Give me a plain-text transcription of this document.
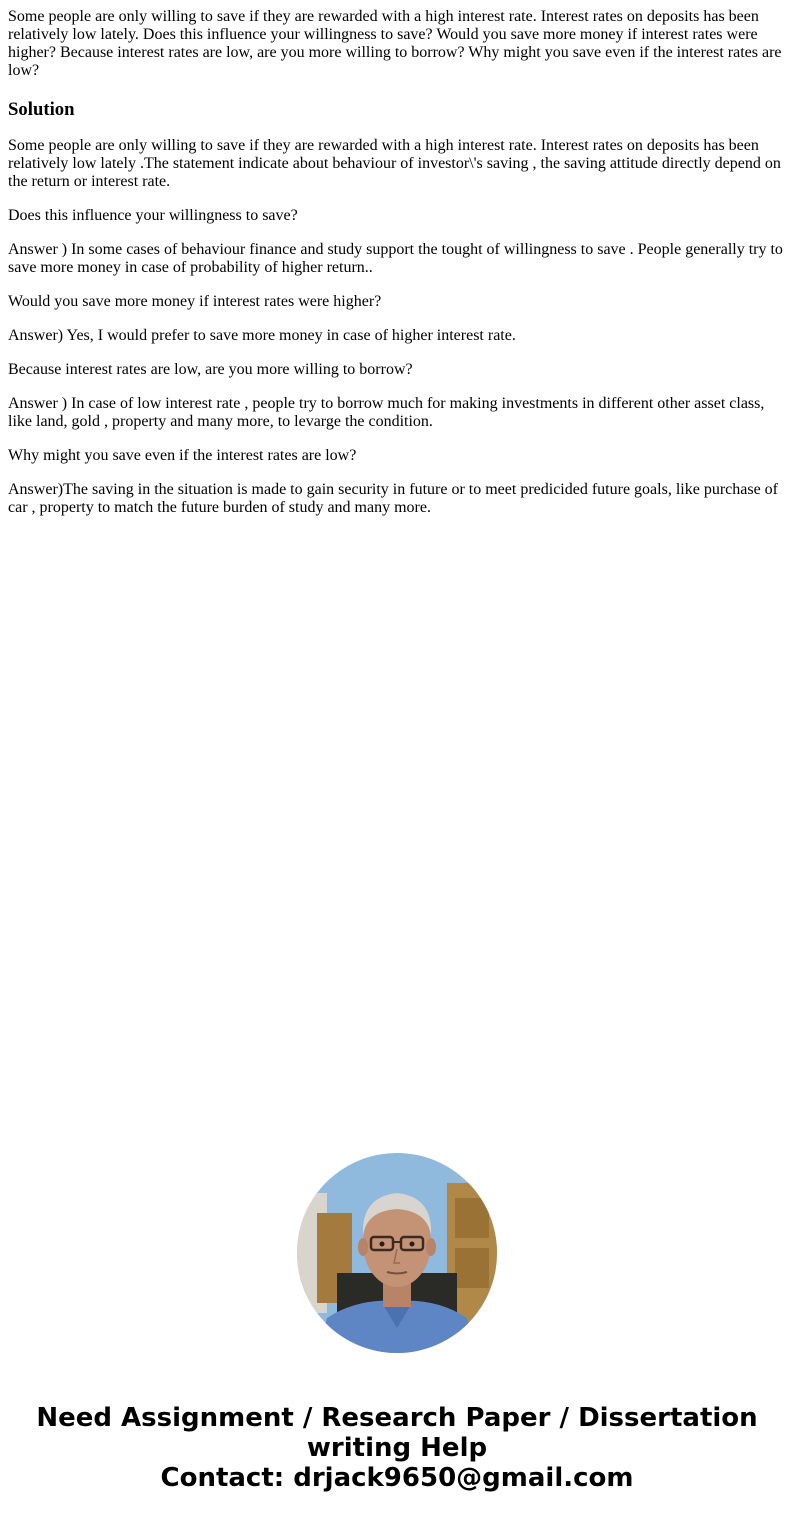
Some people are only willing to save if they are rewarded with a high interest rate. Interest rates on deposits has been relatively low lately. Does this influence your willingness to save? Would you save more money if interest rates were higher? Because interest rates are low, are you more willing to borrow? Why might you save even if the interest rates are low?

Solution

Some people are only willing to save if they are rewarded with a high interest rate. Interest rates on deposits has been relatively low lately .The statement indicate about behaviour of investor\'s saving , the saving attitude directly depend on the return or interest rate.

Does this influence your willingness to save?

Answer ) In some cases of behaviour finance and study support the tought of willingness to save . People generally try to save more money in case of probability of higher return..

Would you save more money if interest rates were higher?

Answer) Yes, I would prefer to save more money in case of higher interest rate.

Because interest rates are low, are you more willing to borrow?

Answer ) In case of low interest rate , people try to borrow much for making investments in different other asset class, like land, gold , property and many more, to levarge the condition.

Why might you save even if the interest rates are low?

Answer)The saving in the situation is made to gain security in future or to meet predicided future goals, like purchase of car , property to match the future burden of study and many more.

Need Assignment / Research Paper / Dissertation
writing Help
Contact: drjack9650@gmail.com
